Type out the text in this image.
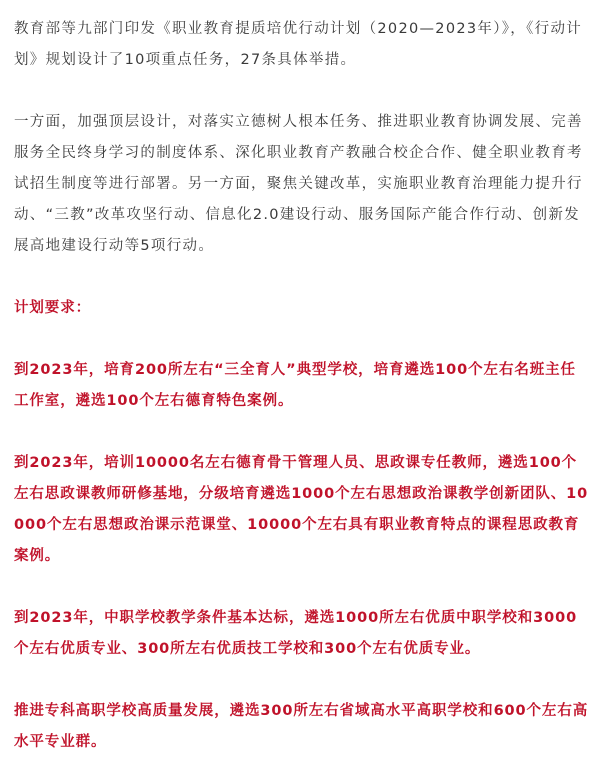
教育部等九部门印发《职业教育提质培优行动计划（2020—2023年）》，《行动计划》规划设计了10项重点任务，27条具体举措。

一方面，加强顶层设计，对落实立德树人根本任务、推进职业教育协调发展、完善服务全民终身学习的制度体系、深化职业教育产教融合校企合作、健全职业教育考试招生制度等进行部署。另一方面，聚焦关键改革，实施职业教育治理能力提升行动、“三教”改革攻坚行动、信息化2.0建设行动、服务国际产能合作行动、创新发展高地建设行动等5项行动。

计划要求：

到2023年，培育200所左右“三全育人”典型学校，培育遴选100个左右名班主任工作室，遴选100个左右德育特色案例。

到2023年，培训10000名左右德育骨干管理人员、思政课专任教师，遴选100个左右思政课教师研修基地，分级培育遴选1000个左右思想政治课教学创新团队、10000个左右思想政治课示范课堂、10000个左右具有职业教育特点的课程思政教育案例。

到2023年，中职学校教学条件基本达标，遴选1000所左右优质中职学校和3000个左右优质专业、300所左右优质技工学校和300个左右优质专业。

推进专科高职学校高质量发展，遴选300所左右省域高水平高职学校和600个左右高水平专业群。
